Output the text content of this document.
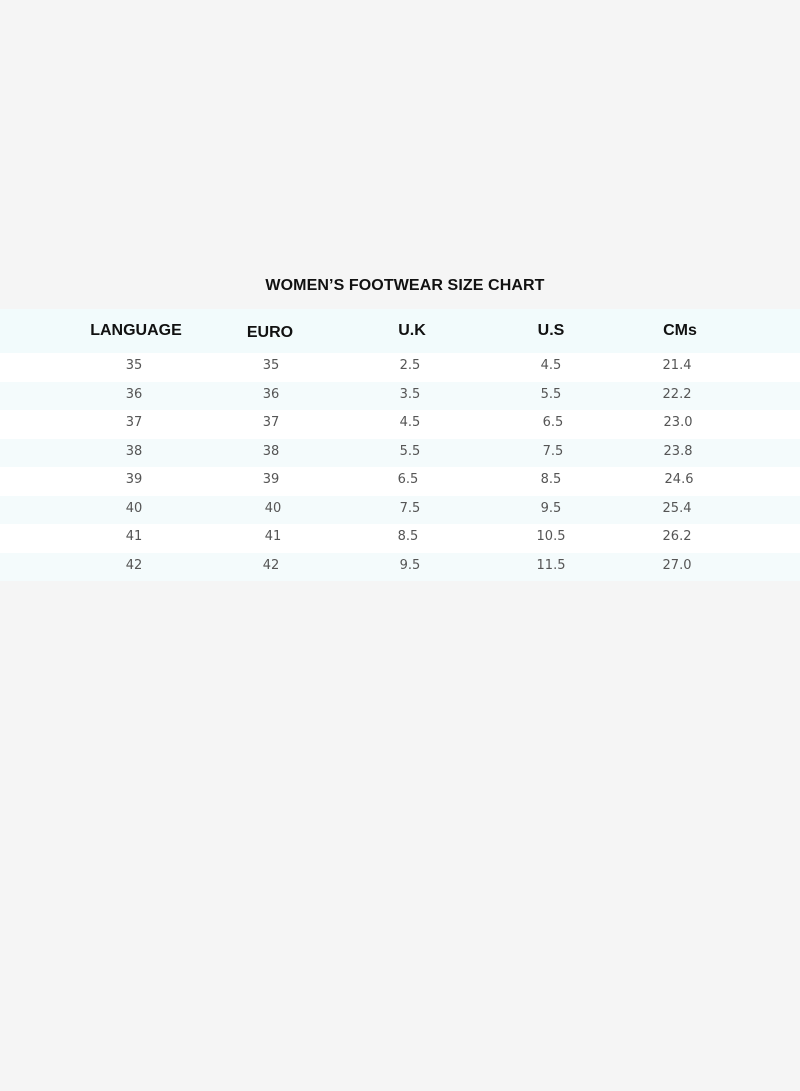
WOMEN’S FOOTWEAR SIZE CHART
LANGUAGE	EURO	U.K	U.S	CMs
35	35	2.5	4.5	21.4
36	36	3.5	5.5	22.2
37	37	4.5	6.5	23.0
38	38	5.5	7.5	23.8
39	39	6.5	8.5	24.6
40	40	7.5	9.5	25.4
41	41	8.5	10.5	26.2
42	42	9.5	11.5	27.0
